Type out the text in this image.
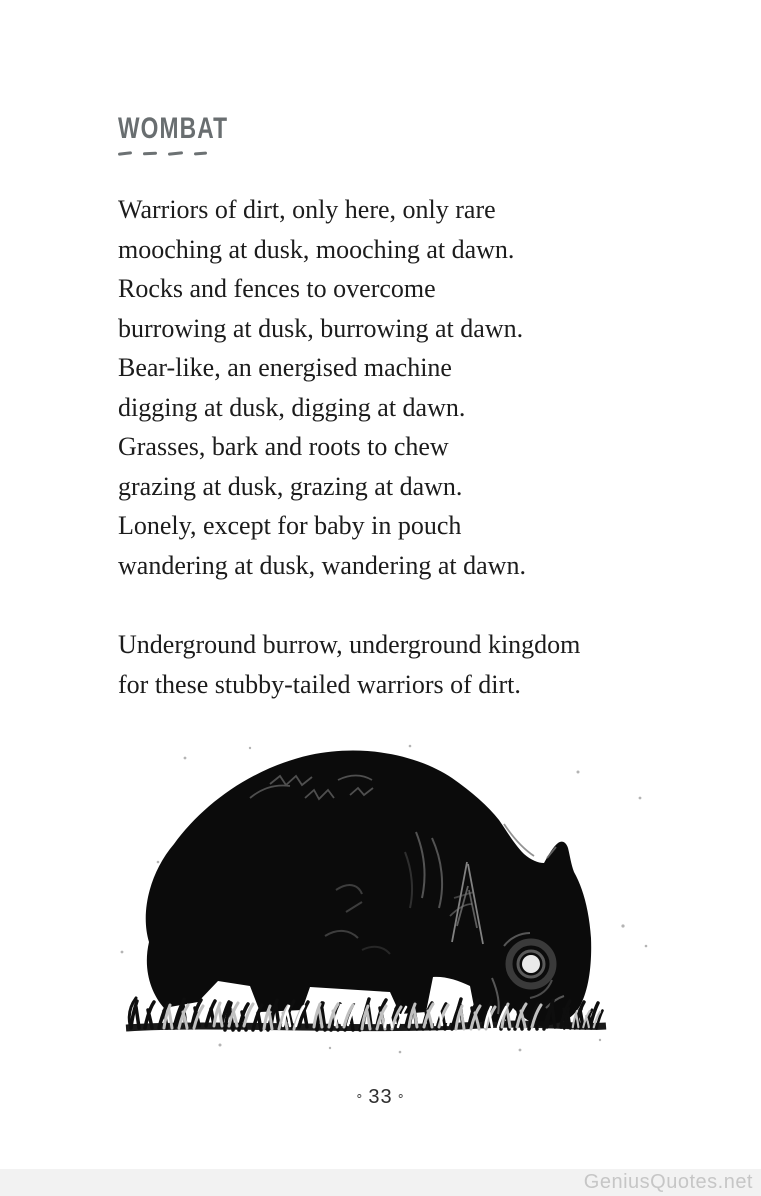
WOMBAT

Warriors of dirt, only here, only rare
mooching at dusk, mooching at dawn.
Rocks and fences to overcome
burrowing at dusk, burrowing at dawn.
Bear-like, an energised machine
digging at dusk, digging at dawn.
Grasses, bark and roots to chew
grazing at dusk, grazing at dawn.
Lonely, except for baby in pouch
wandering at dusk, wandering at dawn.

Underground burrow, underground kingdom
for these stubby-tailed warriors of dirt.

∘ 33 ∘
GeniusQuotes.net
